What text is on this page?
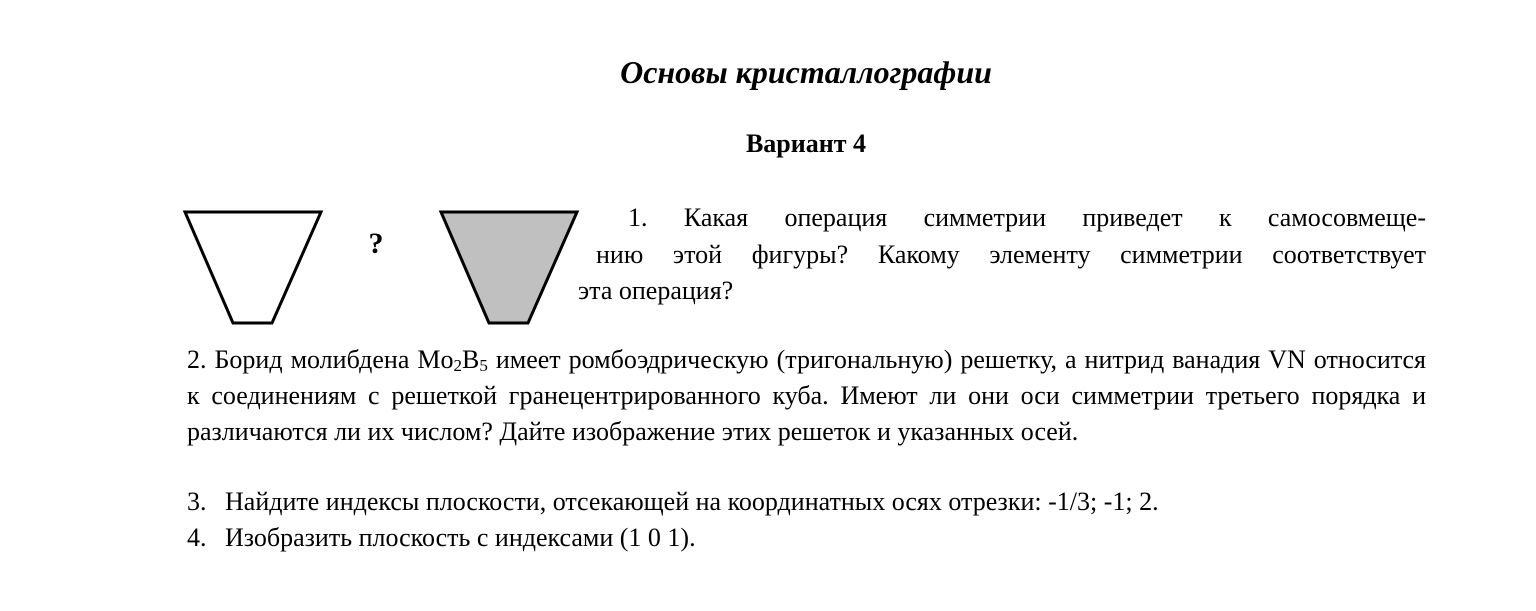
Основы кристаллографии
Вариант 4
?
1. Какая операция симметрии приведет к самосовмеще-
нию этой фигуры? Какому элементу симметрии соответствует
эта операция?
2. Борид молибдена $Mo_2B_5$ имеет ромбоэдрическую (тригональную) решетку, а нитрид ванадия VN относится к соединениям с решеткой гранецентрированного куба. Имеют ли они оси симметрии третьего порядка и различаются ли их числом? Дайте изображение этих решеток и указанных осей.
3. Найдите индексы плоскости, отсекающей на координатных осях отрезки: -1/3; -1; 2.
4. Изобразить плоскость с индексами (1 0 1).
